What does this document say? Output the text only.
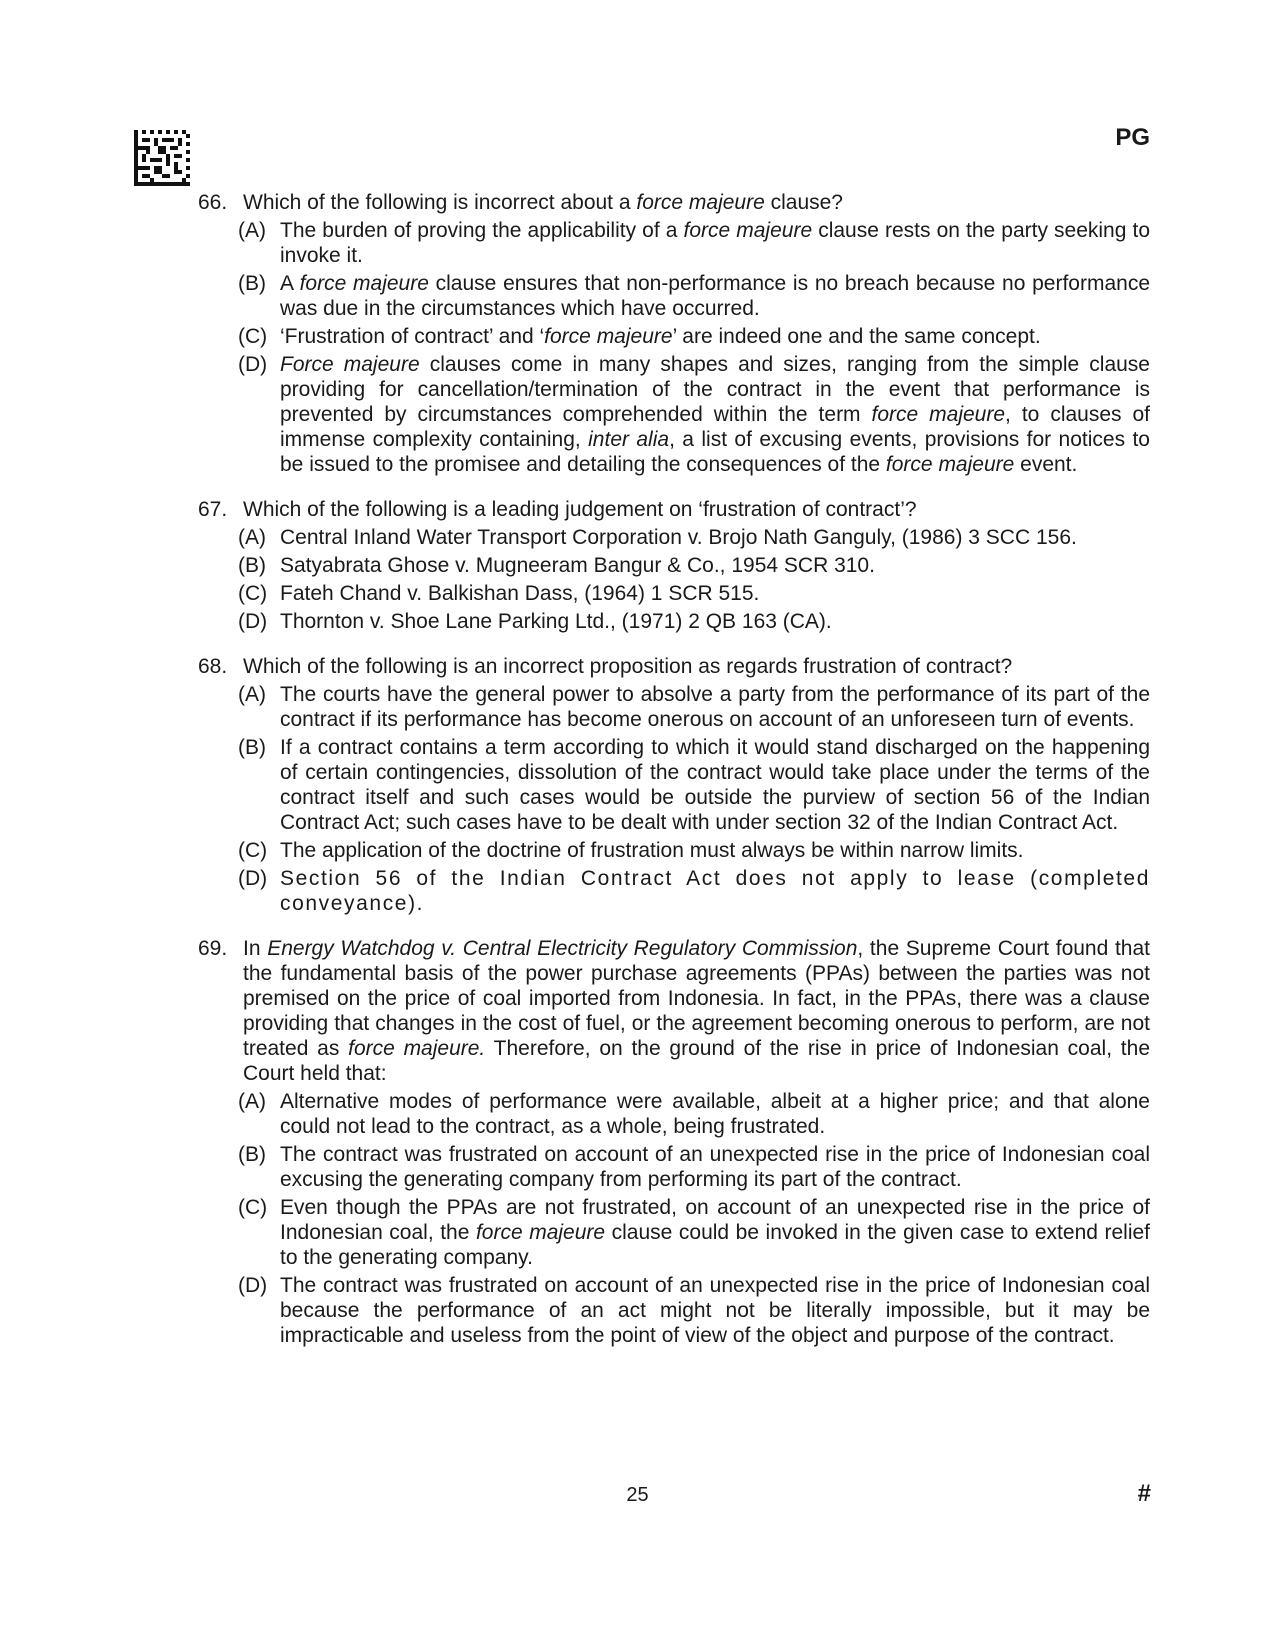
PG
66. Which of the following is incorrect about a force majeure clause?
(A) The burden of proving the applicability of a force majeure clause rests on the party seeking to invoke it.
(B) A force majeure clause ensures that non-performance is no breach because no performance was due in the circumstances which have occurred.
(C) ‘Frustration of contract’ and ‘force majeure’ are indeed one and the same concept.
(D) Force majeure clauses come in many shapes and sizes, ranging from the simple clause providing for cancellation/termination of the contract in the event that performance is prevented by circumstances comprehended within the term force majeure, to clauses of immense complexity containing, inter alia, a list of excusing events, provisions for notices to be issued to the promisee and detailing the consequences of the force majeure event.
67. Which of the following is a leading judgement on ‘frustration of contract’?
(A) Central Inland Water Transport Corporation v. Brojo Nath Ganguly, (1986) 3 SCC 156.
(B) Satyabrata Ghose v. Mugneeram Bangur & Co., 1954 SCR 310.
(C) Fateh Chand v. Balkishan Dass, (1964) 1 SCR 515.
(D) Thornton v. Shoe Lane Parking Ltd., (1971) 2 QB 163 (CA).
68. Which of the following is an incorrect proposition as regards frustration of contract?
(A) The courts have the general power to absolve a party from the performance of its part of the contract if its performance has become onerous on account of an unforeseen turn of events.
(B) If a contract contains a term according to which it would stand discharged on the happening of certain contingencies, dissolution of the contract would take place under the terms of the contract itself and such cases would be outside the purview of section 56 of the Indian Contract Act; such cases have to be dealt with under section 32 of the Indian Contract Act.
(C) The application of the doctrine of frustration must always be within narrow limits.
(D) Section 56 of the Indian Contract Act does not apply to lease (completed conveyance).
69. In Energy Watchdog v. Central Electricity Regulatory Commission, the Supreme Court found that the fundamental basis of the power purchase agreements (PPAs) between the parties was not premised on the price of coal imported from Indonesia. In fact, in the PPAs, there was a clause providing that changes in the cost of fuel, or the agreement becoming onerous to perform, are not treated as force majeure. Therefore, on the ground of the rise in price of Indonesian coal, the Court held that:
(A) Alternative modes of performance were available, albeit at a higher price; and that alone could not lead to the contract, as a whole, being frustrated.
(B) The contract was frustrated on account of an unexpected rise in the price of Indonesian coal excusing the generating company from performing its part of the contract.
(C) Even though the PPAs are not frustrated, on account of an unexpected rise in the price of Indonesian coal, the force majeure clause could be invoked in the given case to extend relief to the generating company.
(D) The contract was frustrated on account of an unexpected rise in the price of Indonesian coal because the performance of an act might not be literally impossible, but it may be impracticable and useless from the point of view of the object and purpose of the contract.
25	#
